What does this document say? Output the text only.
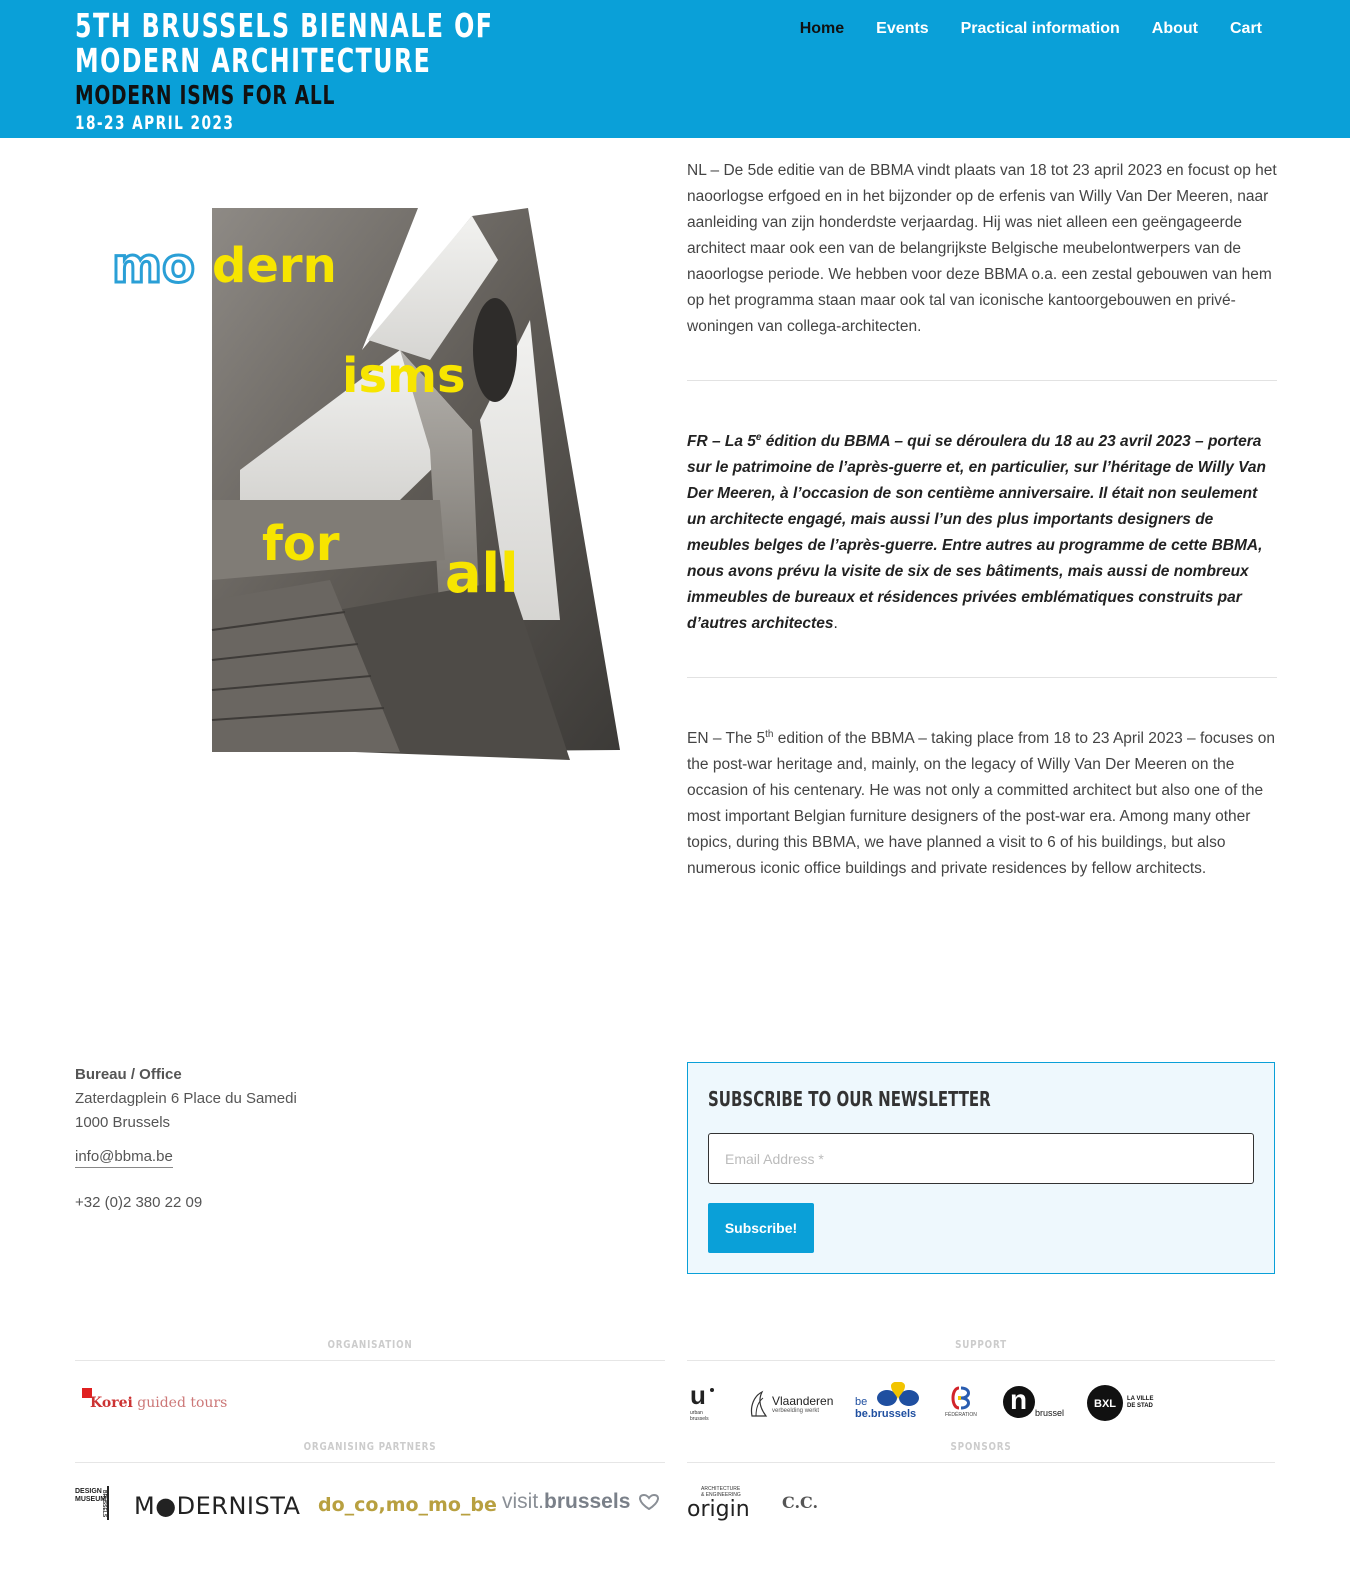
5TH BRUSSELS BIENNALE OF
MODERN ARCHITECTURE
MODERN ISMS FOR ALL
18-23 APRIL 2023
Home Events Practical information About Cart
mo dern
isms
for all

NL – De 5de editie van de BBMA vindt plaats van 18 tot 23 april 2023 en focust op het naoorlogse erfgoed en in het bijzonder op de erfenis van Willy Van Der Meeren, naar aanleiding van zijn honderdste verjaardag. Hij was niet alleen een geëngageerde architect maar ook een van de belangrijkste Belgische meubelontwerpers van de naoorlogse periode. We hebben voor deze BBMA o.a. een zestal gebouwen van hem op het programma staan maar ook tal van iconische kantoorgebouwen en privé-woningen van collega-architecten.

FR – La 5e édition du BBMA – qui se déroulera du 18 au 23 avril 2023 – portera sur le patrimoine de l’après-guerre et, en particulier, sur l’héritage de Willy Van Der Meeren, à l’occasion de son centième anniversaire. Il était non seulement un architecte engagé, mais aussi l’un des plus importants designers de meubles belges de l’après-guerre. Entre autres au programme de cette BBMA, nous avons prévu la visite de six de ses bâtiments, mais aussi de nombreux immeubles de bureaux et résidences privées emblématiques construits par d’autres architectes.

EN – The 5th edition of the BBMA – taking place from 18 to 23 April 2023 – focuses on the post-war heritage and, mainly, on the legacy of Willy Van Der Meeren on the occasion of his centenary. He was not only a committed architect but also one of the most important Belgian furniture designers of the post-war era. Among many other topics, during this BBMA, we have planned a visit to 6 of his buildings, but also numerous iconic office buildings and private residences by fellow architects.

Bureau / Office
Zaterdagplein 6 Place du Samedi
1000 Brussels
info@bbma.be
+32 (0)2 380 22 09
SUBSCRIBE TO OUR NEWSLETTER
Email Address *
Subscribe!
ORGANISATION	SUPPORT
ORGANISING PARTNERS	SPONSORS
Korei guided tours	u
urban
brussels
Vlaanderen
verbeelding werkt
be
be.brussels	FÉDÉRATION n brussel
BXL LA VILLE
DE STAD
DESIGN
MUSEUM
BRUSSELS M●DERNISTA do_co,mo_mo_be visit.brussels
ARCHITECTURE
& ENGINEERING
origin C.C.
